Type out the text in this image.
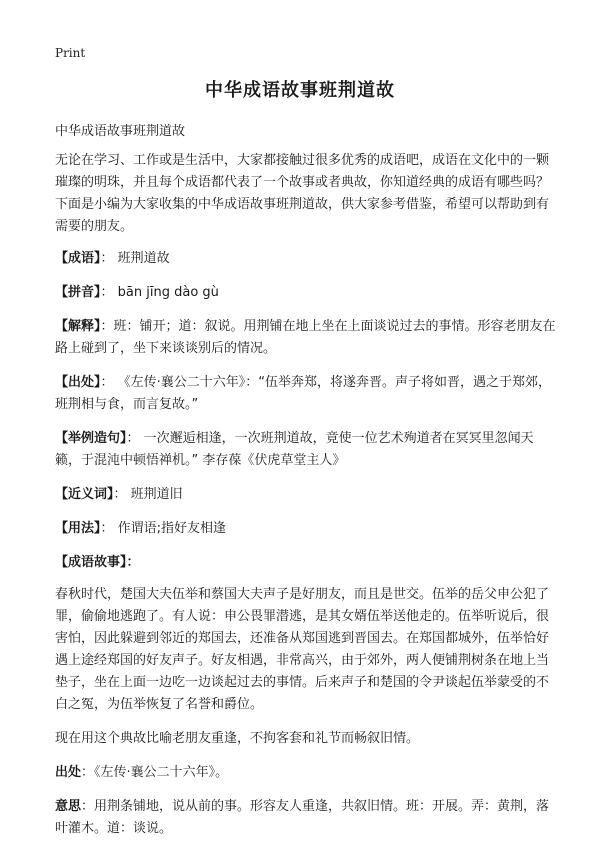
Print
中华成语故事班荆道故

中华成语故事班荆道故

无论在学习、工作或是生活中，大家都接触过很多优秀的成语吧，成语在文化中的一颗璀璨的明珠，并且每个成语都代表了一个故事或者典故，你知道经典的成语有哪些吗？下面是小编为大家收集的中华成语故事班荆道故，供大家参考借鉴，希望可以帮助到有需要的朋友。

【成语】： 班荆道故

【拼音】： bān jīng dào gù

【解释】：班：铺开；道：叙说。用荆铺在地上坐在上面谈说过去的事情。形容老朋友在路上碰到了，坐下来谈谈别后的情况。

【出处】： 《左传·襄公二十六年》：“伍举奔郑，将遂奔晋。声子将如晋，遇之于郑郊，班荆相与食，而言复故。”

【举例造句】： 一次邂逅相逢，一次班荆道故，竟使一位艺术殉道者在冥冥里忽闻天籁，于混沌中顿悟禅机。” 李存葆《伏虎草堂主人》

【近义词】： 班荆道旧

【用法】： 作谓语;指好友相逢

【成语故事】：

春秋时代，楚国大夫伍举和蔡国大夫声子是好朋友，而且是世交。伍举的岳父申公犯了罪，偷偷地逃跑了。有人说：申公畏罪潜逃，是其女婿伍举送他走的。伍举听说后，很害怕，因此躲避到邻近的郑国去，还准备从郑国逃到晋国去。在郑国都城外，伍举恰好遇上途经郑国的好友声子。好友相遇，非常高兴，由于郊外，两人便铺荆树条在地上当垫子，坐在上面一边吃一边谈起过去的事情。后来声子和楚国的令尹谈起伍举蒙受的不白之冤，为伍举恢复了名誉和爵位。

现在用这个典故比喻老朋友重逢，不拘客套和礼节而畅叙旧情。

出处：《左传·襄公二十六年》。

意思：用荆条铺地，说从前的事。形容友人重逢，共叙旧情。班：开展。弄：黄荆，落叶灌木。道：谈说。
